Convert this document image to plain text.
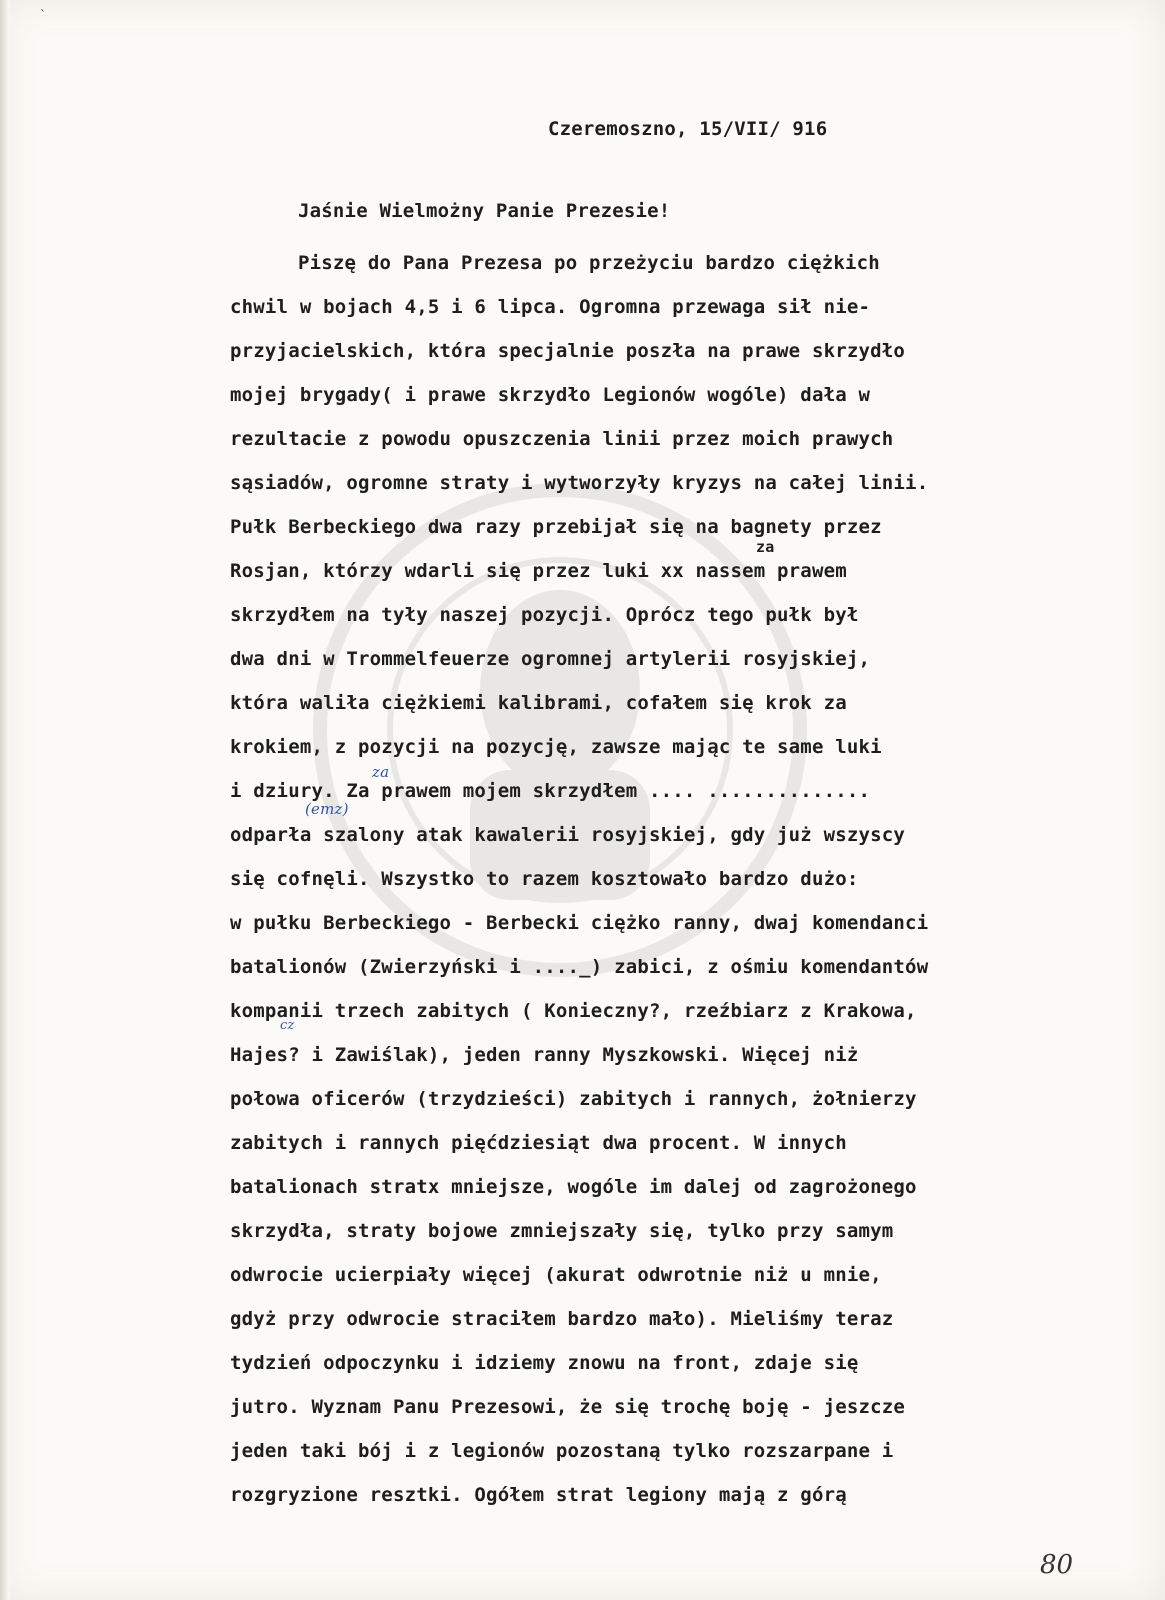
ˋ
Czeremoszno, 15/VII/ 916
Jaśnie Wielmożny Panie Prezesie!
Piszę do Pana Prezesa po przeżyciu bardzo ciężkich
chwil w bojach 4,5 i 6 lipca. Ogromna przewaga sił nie-
przyjacielskich, która specjalnie poszła na prawe skrzydło
mojej brygady( i prawe skrzydło Legionów wogóle) dała w
rezultacie z powodu opuszczenia linii przez moich prawych
sąsiadów, ogromne straty i wytworzyły kryzys na całej linii.
Pułk Berbeckiego dwa razy przebijał się na bagnety przez
Rosjan, którzy wdarli się przez luki xx nassem prawem
skrzydłem na tyły naszej pozycji. Oprócz tego pułk był
dwa dni w Trommelfeuerze ogromnej artylerii rosyjskiej,
która waliła ciężkiemi kalibrami, cofałem się krok za
krokiem, z pozycji na pozycję, zawsze mając te same luki
i dziury. Za prawem mojem skrzydłem .... ..............
odparła szalony atak kawalerii rosyjskiej, gdy już wszyscy
się cofnęli. Wszystko to razem kosztowało bardzo dużo:
w pułku Berbeckiego - Berbecki ciężko ranny, dwaj komendanci
batalionów (Zwierzyński i ...._) zabici, z ośmiu komendantów
kompanii trzech zabitych ( Konieczny?, rzeźbiarz z Krakowa,
Hajes? i Zawiślak), jeden ranny Myszkowski. Więcej niż
połowa oficerów (trzydzieści) zabitych i rannych, żołnierzy
zabitych i rannych pięćdziesiąt dwa procent. W innych
batalionach stratx mniejsze, wogóle im dalej od zagrożonego
skrzydła, straty bojowe zmniejszały się, tylko przy samym
odwrocie ucierpiały więcej (akurat odwrotnie niż u mnie,
gdyż przy odwrocie straciłem bardzo mało). Mieliśmy teraz
tydzień odpoczynku i idziemy znowu na front, zdaje się
jutro. Wyznam Panu Prezesowi, że się trochę boję - jeszcze
jeden taki bój i z legionów pozostaną tylko rozszarpane i
rozgryzione resztki. Ogółem strat legiony mają z górą
za
za
(emz)
cz
80
